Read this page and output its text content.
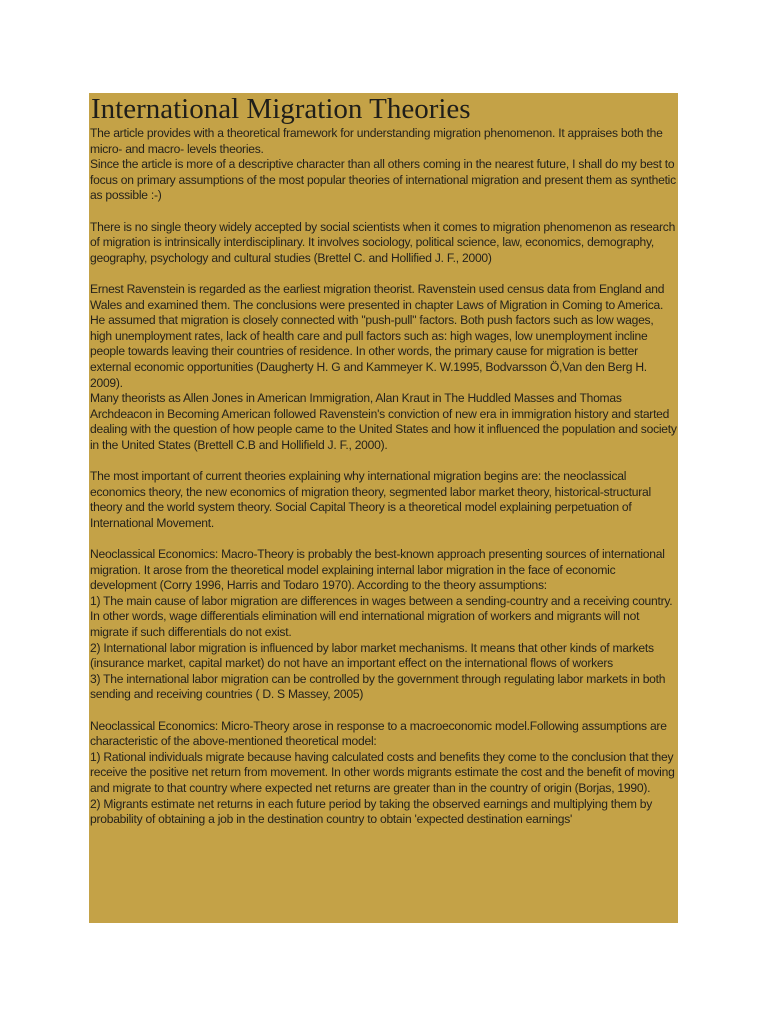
International Migration Theories

The article provides with a theoretical framework for understanding migration phenomenon. It appraises both the micro- and macro- levels theories.
Since the article is more of a descriptive character than all others coming in the nearest future, I shall do my best to focus on primary assumptions of the most popular theories of international migration and present them as synthetic as possible :-)

There is no single theory widely accepted by social scientists when it comes to migration phenomenon as research of migration is intrinsically interdisciplinary. It involves sociology, political science, law, economics, demography, geography, psychology and cultural studies (Brettel C. and Hollified J. F., 2000)

Ernest Ravenstein is regarded as the earliest migration theorist. Ravenstein used census data from England and Wales and examined them. The conclusions were presented in chapter Laws of Migration in Coming to America. He assumed that migration is closely connected with "push-pull" factors. Both push factors such as low wages, high unemployment rates, lack of health care and pull factors such as: high wages, low unemployment incline people towards leaving their countries of residence. In other words, the primary cause for migration is better external economic opportunities (Daugherty H. G and Kammeyer K. W.1995, Bodvarsson Ö,Van den Berg H. 2009).
Many theorists as Allen Jones in American Immigration, Alan Kraut in The Huddled Masses and Thomas Archdeacon in Becoming American followed Ravenstein's conviction of new era in immigration history and started dealing with the question of how people came to the United States and how it influenced the population and society in the United States (Brettell C.B and Hollifield J. F., 2000).

The most important of current theories explaining why international migration begins are: the neoclassical economics theory, the new economics of migration theory, segmented labor market theory, historical-structural theory and the world system theory. Social Capital Theory is a theoretical model explaining perpetuation of International Movement.

Neoclassical Economics: Macro-Theory is probably the best-known approach presenting sources of international migration. It arose from the theoretical model explaining internal labor migration in the face of economic development (Corry 1996, Harris and Todaro 1970). According to the theory assumptions:
1) The main cause of labor migration are differences in wages between a sending-country and a receiving country. In other words, wage differentials elimination will end international migration of workers and migrants will not migrate if such differentials do not exist.
2) International labor migration is influenced by labor market mechanisms. It means that other kinds of markets (insurance market, capital market) do not have an important effect on the international flows of workers
3) The international labor migration can be controlled by the government through regulating labor markets in both sending and receiving countries ( D. S Massey, 2005)

Neoclassical Economics: Micro-Theory arose in response to a macroeconomic model.Following assumptions are characteristic of the above-mentioned theoretical model:
1) Rational individuals migrate because having calculated costs and benefits they come to the conclusion that they receive the positive net return from movement. In other words migrants estimate the cost and the benefit of moving and migrate to that country where expected net returns are greater than in the country of origin (Borjas, 1990).
2) Migrants estimate net returns in each future period by taking the observed earnings and multiplying them by probability of obtaining a job in the destination country to obtain 'expected destination earnings'
